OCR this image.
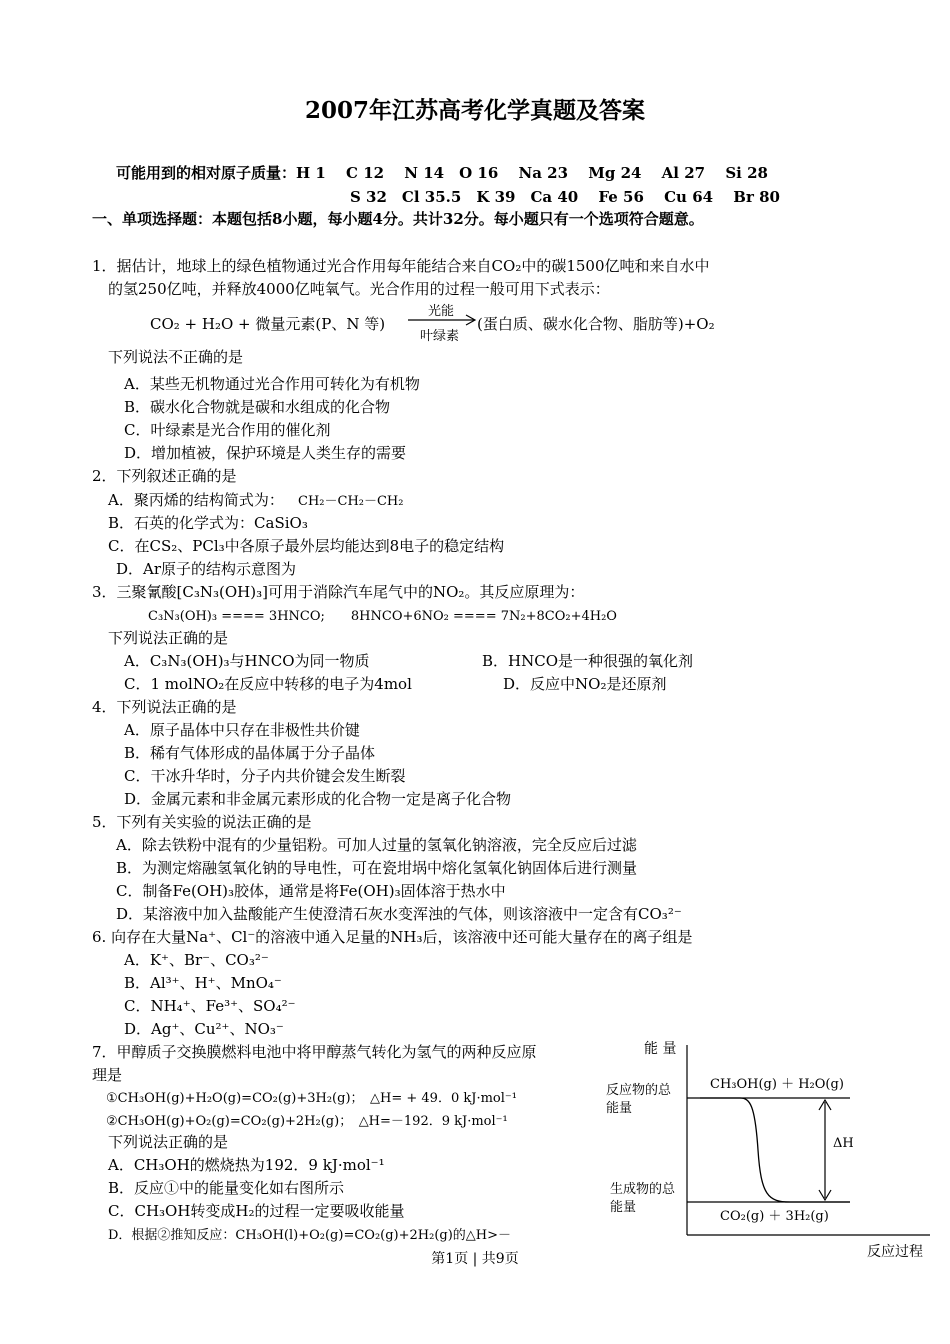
2007年江苏高考化学真题及答案
可能用到的相对原子质量：H 1　 C 12　 N 14　O 16　 Na 23　 Mg 24　 Al 27　 Si 28
S 32　Cl 35.5　K 39　Ca 40　 Fe 56　 Cu 64　 Br 80
一、单项选择题：本题包括8小题，每小题4分。共计32分。每小题只有一个选项符合题意。
1．据估计，地球上的绿色植物通过光合作用每年能结合来自CO₂中的碳1500亿吨和来自水中
的氢250亿吨，并释放4000亿吨氧气。光合作用的过程一般可用下式表示：
CO₂ + H₂O + 微量元素(P、N 等)
光能
叶绿素
(蛋白质、碳水化合物、脂肪等)+O₂
下列说法不正确的是
A．某些无机物通过光合作用可转化为有机物
B．碳水化合物就是碳和水组成的化合物
C．叶绿素是光合作用的催化剂
D．增加植被，保护环境是人类生存的需要
2．下列叙述正确的是
A．聚丙烯的结构简式为： CH₂－CH₂－CH₂
B．石英的化学式为：CaSiO₃
C．在CS₂、PCl₃中各原子最外层均能达到8电子的稳定结构
D．Ar原子的结构示意图为
3．三聚氰酸[C₃N₃(OH)₃]可用于消除汽车尾气中的NO₂。其反应原理为：
C₃N₃(OH)₃ ==== 3HNCO;　　8HNCO+6NO₂ ==== 7N₂+8CO₂+4H₂O
下列说法正确的是
A．C₃N₃(OH)₃与HNCO为同一物质	B．HNCO是一种很强的氧化剂
C．1 molNO₂在反应中转移的电子为4mol	D．反应中NO₂是还原剂
4．下列说法正确的是
A．原子晶体中只存在非极性共价键
B．稀有气体形成的晶体属于分子晶体
C．干冰升华时，分子内共价键会发生断裂
D．金属元素和非金属元素形成的化合物一定是离子化合物
5．下列有关实验的说法正确的是
A．除去铁粉中混有的少量铝粉。可加人过量的氢氧化钠溶液，完全反应后过滤
B．为测定熔融氢氧化钠的导电性，可在瓷坩埚中熔化氢氧化钠固体后进行测量
C．制备Fe(OH)₃胶体，通常是将Fe(OH)₃固体溶于热水中
D．某溶液中加入盐酸能产生使澄清石灰水变浑浊的气体，则该溶液中一定含有CO₃²⁻
6. 向存在大量Na⁺、Cl⁻的溶液中通入足量的NH₃后，该溶液中还可能大量存在的离子组是
A．K⁺、Br⁻、CO₃²⁻
B．Al³⁺、H⁺、MnO₄⁻
C．NH₄⁺、Fe³⁺、SO₄²⁻
D．Ag⁺、Cu²⁺、NO₃⁻
7．甲醇质子交换膜燃料电池中将甲醇蒸气转化为氢气的两种反应原
理是
①CH₃OH(g)+H₂O(g)=CO₂(g)+3H₂(g)；　△H= + 49．0 kJ·mol⁻¹
②CH₃OH(g)+O₂(g)=CO₂(g)+2H₂(g)；　△H=－192．9 kJ·mol⁻¹
下列说法正确的是
A．CH₃OH的燃烧热为192．9 kJ·mol⁻¹
B．反应①中的能量变化如右图所示
C．CH₃OH转变成H₂的过程一定要吸收能量
D．根据②推知反应：CH₃OH(l)+O₂(g)=CO₂(g)+2H₂(g)的△H>－
能 量
反应过程
反应物的总
能量
生成物的总
能量
CH₃OH(g) ＋ H₂O(g)
CO₂(g) ＋ 3H₂(g)
ΔH
第1页 | 共9页
